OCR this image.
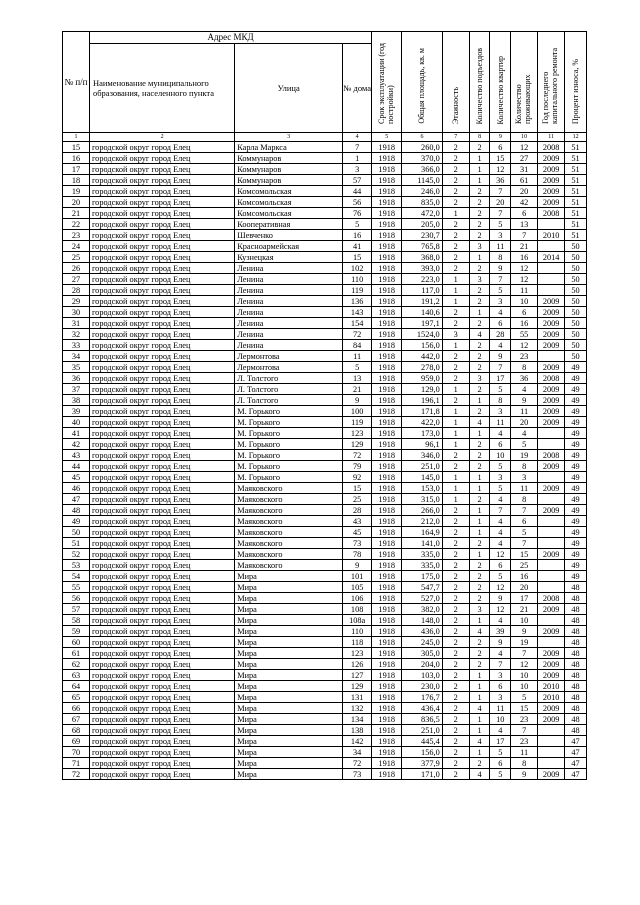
№ п/п	Адрес МКД			Срок эксплуатации (год постройки)	Общая площадь, кв. м	Этажность	Количество подъездов	Количество квартир	Количество проживающих	Год последнего капитального ремонта	Процент износа, %

	Наименование муниципального образования, населенного пункта	Улица	№ дома								
1	2	3	4	5	6	7	8	9	10	11	12
15	городской округ город Елец	Карла Маркса	7	1918	260,0	2	2	6	12	2008	51
16	городской округ город Елец	Коммунаров	1	1918	370,0	2	1	15	27	2009	51
17	городской округ город Елец	Коммунаров	3	1918	366,0	2	1	12	31	2009	51
18	городской округ город Елец	Коммунаров	57	1918	1145,0	2	1	36	61	2009	51
19	городской округ город Елец	Комсомольская	44	1918	246,0	2	2	7	20	2009	51
20	городской округ город Елец	Комсомольская	56	1918	835,0	2	2	20	42	2009	51
21	городской округ город Елец	Комсомольская	76	1918	472,0	1	2	7	6	2008	51
22	городской округ город Елец	Кооперативная	5	1918	205,0	2	2	5	13		51
23	городской округ город Елец	Шевченко	16	1918	230,7	2	2	3	7	2010	51
24	городской округ город Елец	Красноармейская	41	1918	765,8	2	3	11	21		50
25	городской округ город Елец	Кузнецкая	15	1918	368,0	2	1	8	16	2014	50
26	городской округ город Елец	Ленина	102	1918	393,0	2	2	9	12		50
27	городской округ город Елец	Ленина	110	1918	223,0	1	3	7	12		50
28	городской округ город Елец	Ленина	119	1918	117,0	1	2	5	11		50
29	городской округ город Елец	Ленина	136	1918	191,2	1	2	3	10	2009	50
30	городской округ город Елец	Ленина	143	1918	140,6	2	1	4	6	2009	50
31	городской округ город Елец	Ленина	154	1918	197,1	2	2	6	16	2009	50
32	городской округ город Елец	Ленина	72	1918	1524,0	3	4	28	55	2009	50
33	городской округ город Елец	Ленина	84	1918	156,0	1	2	4	12	2009	50
34	городской округ город Елец	Лермонтова	11	1918	442,0	2	2	9	23		50
35	городской округ город Елец	Лермонтова	5	1918	278,0	2	2	7	8	2009	49
36	городской округ город Елец	Л. Толстого	13	1918	959,0	2	3	17	36	2008	49
37	городской округ город Елец	Л. Толстого	21	1918	129,0	1	2	5	4	2009	49
38	городской округ город Елец	Л. Толстого	9	1918	196,1	2	1	8	9	2009	49
39	городской округ город Елец	М. Горького	100	1918	171,8	1	2	3	11	2009	49
40	городской округ город Елец	М. Горького	119	1918	422,0	1	4	11	20	2009	49
41	городской округ город Елец	М. Горького	123	1918	173,0	1	1	4	4		49
42	городской округ город Елец	М. Горького	129	1918	96,1	1	2	6	5		49
43	городской округ город Елец	М. Горького	72	1918	346,0	2	2	10	19	2008	49
44	городской округ город Елец	М. Горького	79	1918	251,0	2	2	5	8	2009	49
45	городской округ город Елец	М. Горького	92	1918	145,0	1	1	3	3		49
46	городской округ город Елец	Маяковского	15	1918	153,0	1	1	5	11	2009	49
47	городской округ город Елец	Маяковского	25	1918	315,0	1	2	4	8		49
48	городской округ город Елец	Маяковского	28	1918	266,0	2	1	7	7	2009	49
49	городской округ город Елец	Маяковского	43	1918	212,0	2	1	4	6		49
50	городской округ город Елец	Маяковского	45	1918	164,9	2	1	4	5		49
51	городской округ город Елец	Маяковского	73	1918	141,0	2	2	4	7		49
52	городской округ город Елец	Маяковского	78	1918	335,0	2	1	12	15	2009	49
53	городской округ город Елец	Маяковского	9	1918	335,0	2	2	6	25		49
54	городской округ город Елец	Мира	101	1918	175,0	2	2	5	16		49
55	городской округ город Елец	Мира	105	1918	547,7	2	2	12	20		48
56	городской округ город Елец	Мира	106	1918	527,0	2	2	9	17	2008	48
57	городской округ город Елец	Мира	108	1918	382,0	2	3	12	21	2009	48
58	городской округ город Елец	Мира	108а	1918	148,0	2	1	4	10		48
59	городской округ город Елец	Мира	110	1918	436,0	2	4	39	9	2009	48
60	городской округ город Елец	Мира	118	1918	245,0	2	2	9	19		48
61	городской округ город Елец	Мира	123	1918	305,0	2	2	4	7	2009	48
62	городской округ город Елец	Мира	126	1918	204,0	2	2	7	12	2009	48
63	городской округ город Елец	Мира	127	1918	103,0	2	1	3	10	2009	48
64	городской округ город Елец	Мира	129	1918	230,0	2	1	6	10	2010	48
65	городской округ город Елец	Мира	131	1918	176,7	2	1	3	5	2010	48
66	городской округ город Елец	Мира	132	1918	436,4	2	4	11	15	2009	48
67	городской округ город Елец	Мира	134	1918	836,5	2	1	10	23	2009	48
68	городской округ город Елец	Мира	138	1918	251,0	2	1	4	7		48
69	городской округ город Елец	Мира	142	1918	445,4	2	4	17	23		47
70	городской округ город Елец	Мира	34	1918	156,0	2	1	5	11		47
71	городской округ город Елец	Мира	72	1918	377,9	2	2	6	8		47
72	городской округ город Елец	Мира	73	1918	171,0	2	4	5	9	2009	47
